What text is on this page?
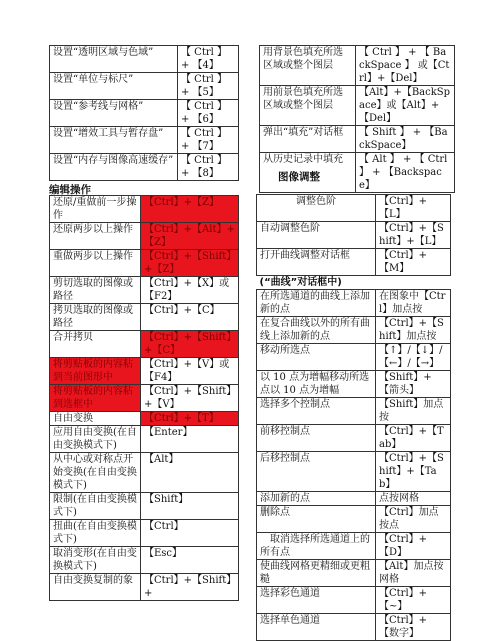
设置“透明区域与色域”	【 Ctrl 】 + 【4】
设置“单位与标尺”	【 Ctrl 】 + 【5】
设置“参考线与网格”	【 Ctrl 】 + 【6】
设置“增效工具与暂存盘”	【 Ctrl 】 + 【7】
设置“内存与图像高速缓存”	【 Ctrl 】 + 【8】
用背景色填充所选区域或整个图层	【 Ctrl 】 + 【 BackSpace 】 或【Ctrl】+【Del】
用前景色填充所选区域或整个图层	【Alt】+【BackSpace】或【Alt】+【Del】
弹出“填充”对话框	【 Shift 】 + 【BackSpace】
从历史记录中填充	【 Alt 】 + 【 Ctrl 】 + 【Backspace】

图像调整

编辑操作

还原/重做前一步操作	【Ctrl】+【Z】
还原两步以上操作	【Ctrl】+【Alt】+【Z】
重做两步以上操作	【Ctrl】+【Shift】+【Z】
剪切选取的图像或路径	【Ctrl】+【X】或【F2】
拷贝选取的图像或路径	【Ctrl】+【C】
合并拷贝	【Ctrl】+【Shift】+【C】
将剪贴板的内容粘到当前图形中	【Ctrl】+【V】或【F4】
将剪贴板的内容粘到选框中	【Ctrl】+【Shift】+【V】
自由变换	【Ctrl】+【T】
应用自由变换(在自由变换模式下)	【Enter】
从中心或对称点开始变换(在自由变换模式下)	【Alt】
限制(在自由变换模式下)	【Shift】
扭曲(在自由变换模式下)	【Ctrl】
取消变形(在自由变换模式下)	【Esc】
自由变换复制的象	【Ctrl】+【Shift】+
调整色阶	【Ctrl】+【L】
自动调整色阶	【Ctrl】+【Shift】+【L】
打开曲线调整对话框	【Ctrl】+【M】
(“曲线”对话框中)	
在所选通道的曲线上添加新的点	在图象中【Ctrl】加点按
在复合曲线以外的所有曲线上添加新的点	【Ctrl】+【Shift】加点按
移动所选点	【↑】/【↓】/【←】/【→】
以 10 点为增幅移动所选点以 10 点为增幅	【Shift】+【箭头】
选择多个控制点	【Shift】加点按
前移控制点	【Ctrl】+【Tab】
后移控制点	【Ctrl】+【Shift】+【Tab】
添加新的点	点按网格
删除点	【Ctrl】加点按点
取消选择所选通道上的所有点	【Ctrl】+【D】
使曲线网格更精细或更粗糙	【Alt】加点按网格
选择彩色通道	【Ctrl】+【~】
选择单色通道	【Ctrl】+【数字】
